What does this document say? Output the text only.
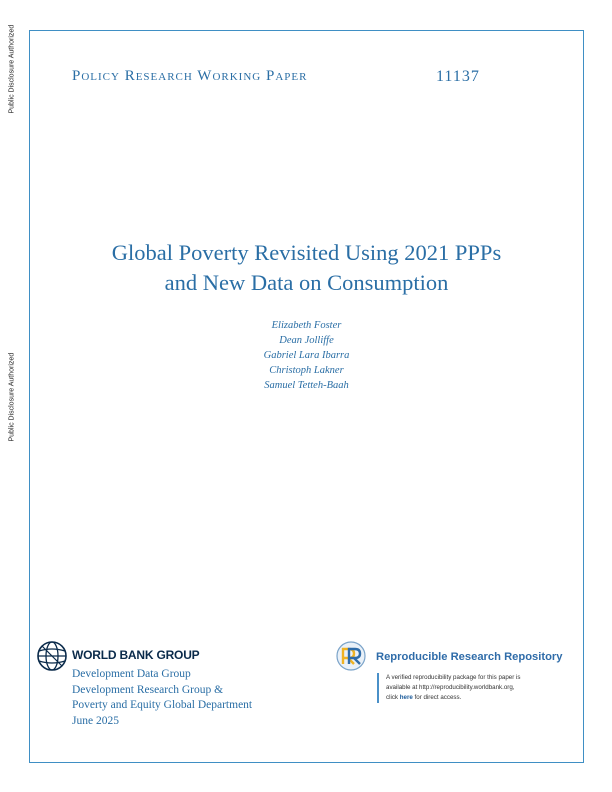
Public Disclosure Authorized
Public Disclosure Authorized
Policy Research Working Paper	11137
Global Poverty Revisited Using 2021 PPPs
and New Data on Consumption
Elizabeth Foster
Dean Jolliffe
Gabriel Lara Ibarra
Christoph Lakner
Samuel Tetteh-Baah
WORLD BANK GROUP
Development Data Group
Development Research Group &
Poverty and Equity Global Department
June 2025
Reproducible Research Repository
A verified reproducibility package for this paper is
available at http://reproducibility.worldbank.org,
click here for direct access.
